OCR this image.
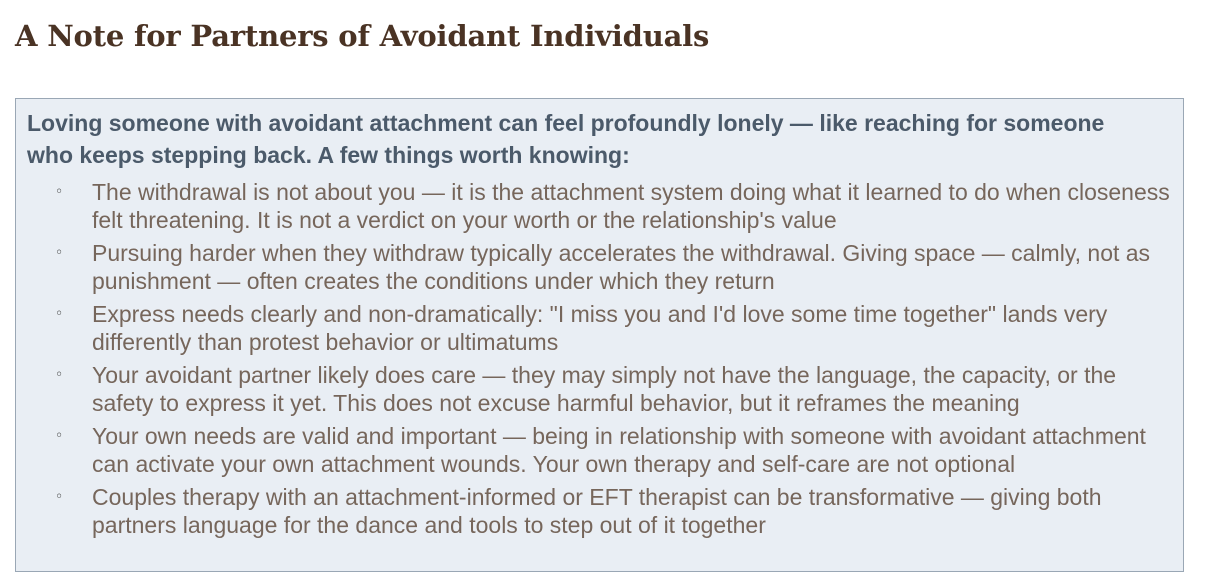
A Note for Partners of Avoidant Individuals

Loving someone with avoidant attachment can feel profoundly lonely — like reaching for someone who keeps stepping back. A few things worth knowing:

◦ The withdrawal is not about you — it is the attachment system doing what it learned to do when closeness felt threatening. It is not a verdict on your worth or the relationship's value
◦ Pursuing harder when they withdraw typically accelerates the withdrawal. Giving space — calmly, not as punishment — often creates the conditions under which they return
◦ Express needs clearly and non-dramatically: "I miss you and I'd love some time together" lands very differently than protest behavior or ultimatums
◦ Your avoidant partner likely does care — they may simply not have the language, the capacity, or the safety to express it yet. This does not excuse harmful behavior, but it reframes the meaning
◦ Your own needs are valid and important — being in relationship with someone with avoidant attachment can activate your own attachment wounds. Your own therapy and self-care are not optional
◦ Couples therapy with an attachment-informed or EFT therapist can be transformative — giving both partners language for the dance and tools to step out of it together
